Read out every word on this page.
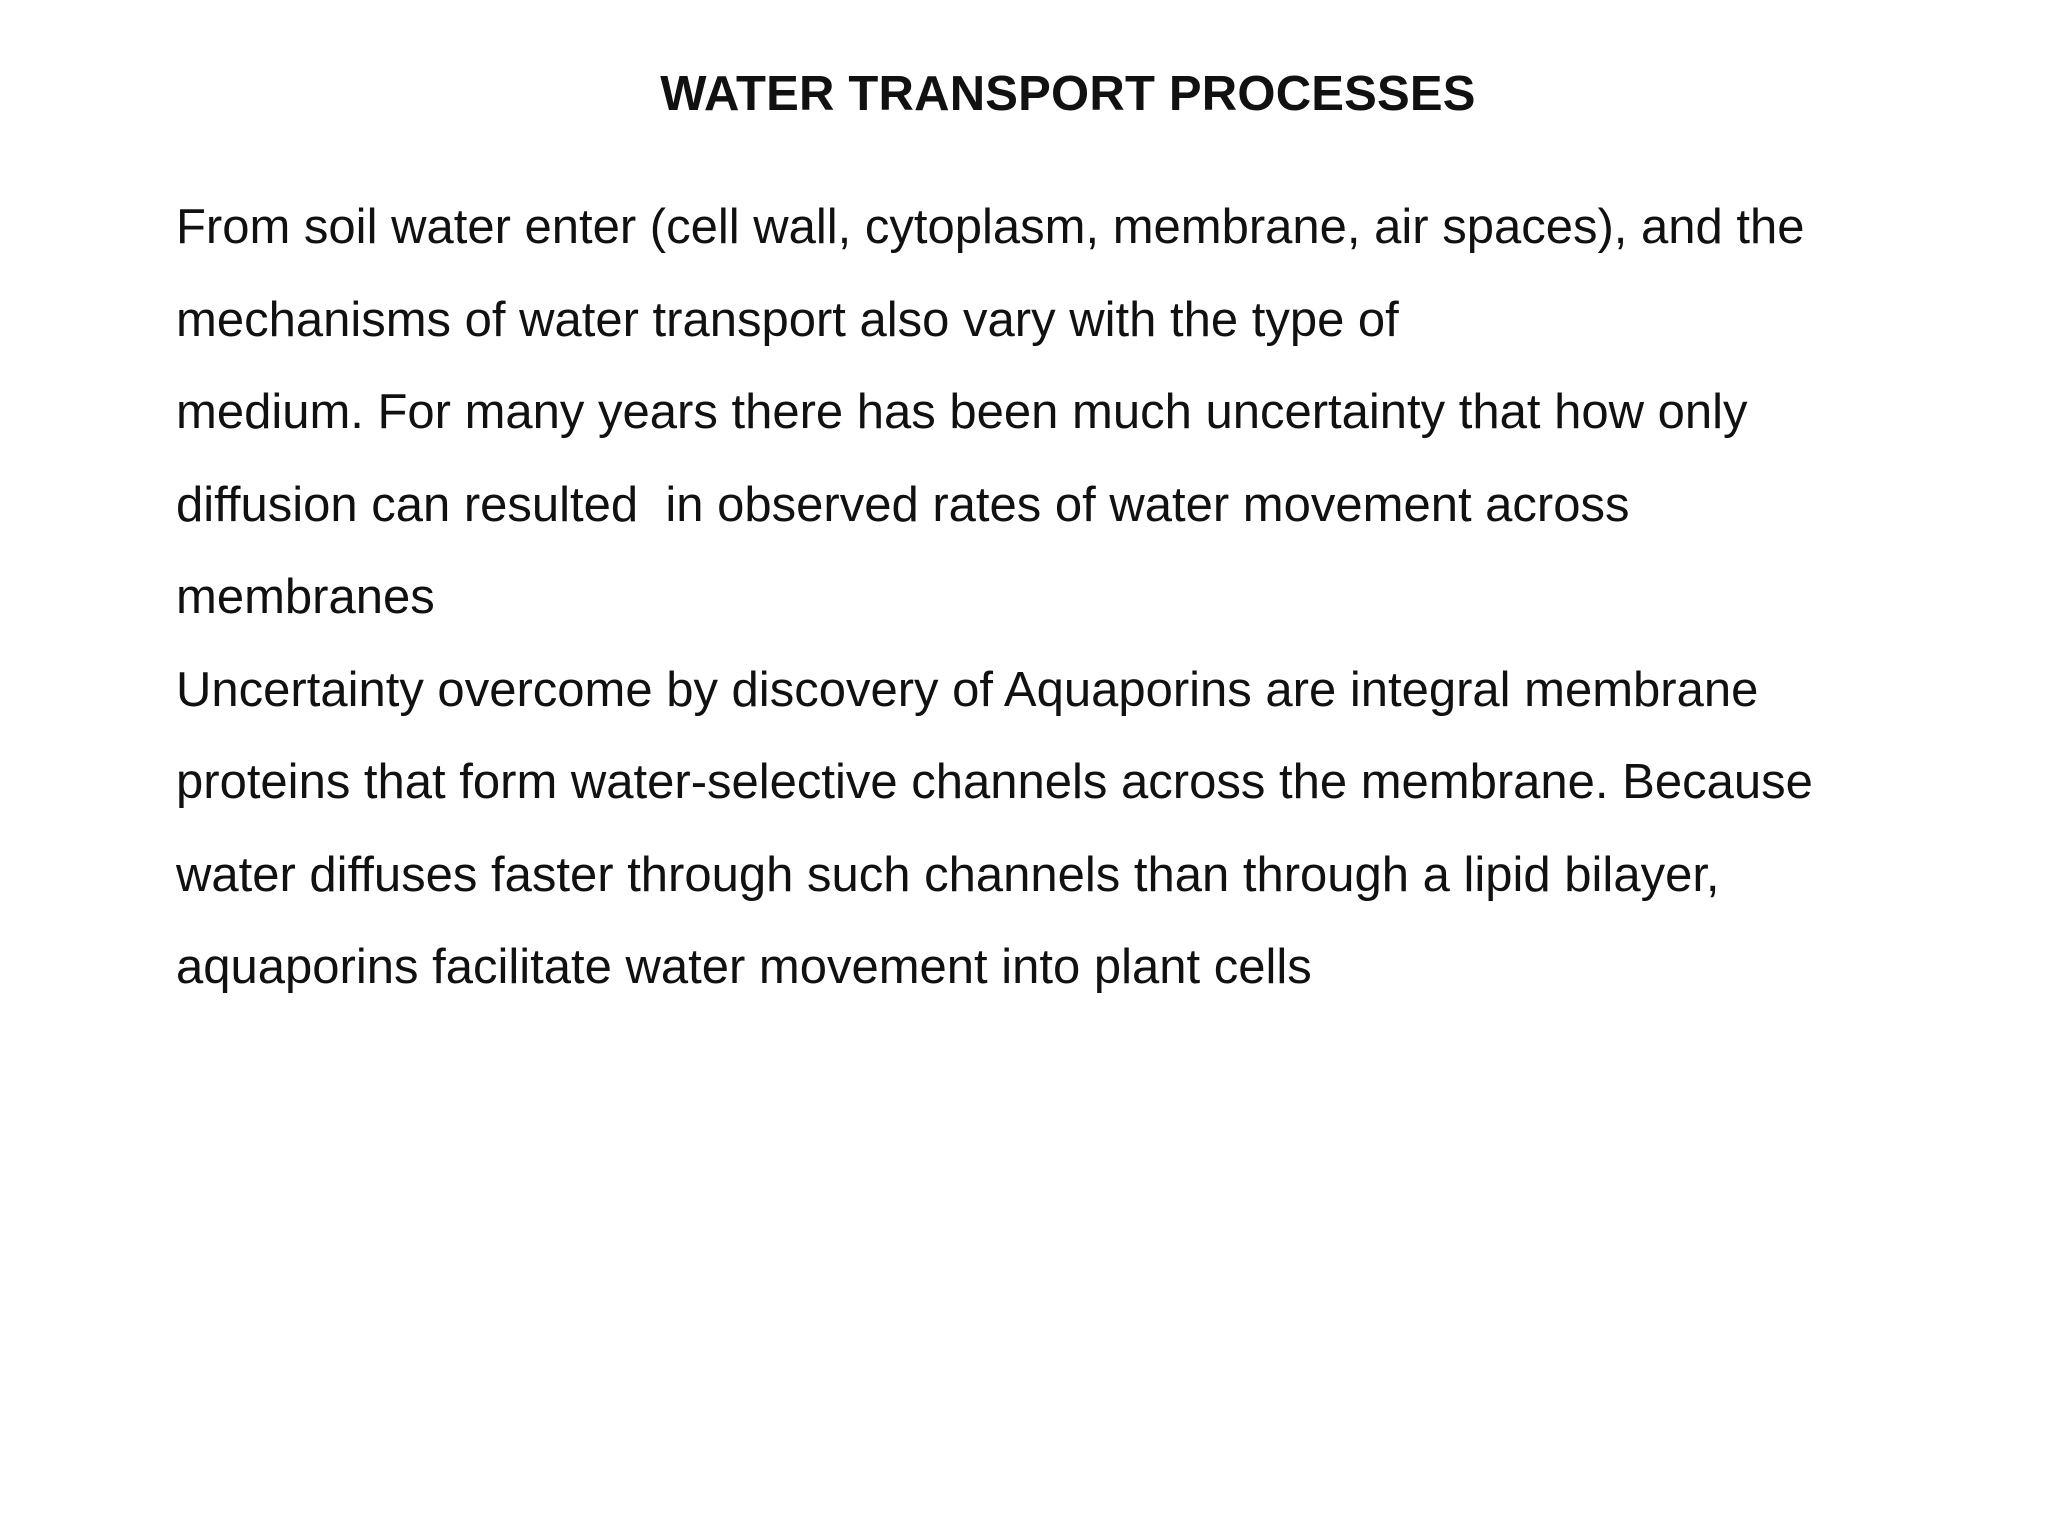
WATER TRANSPORT PROCESSES
From soil water enter (cell wall, cytoplasm, membrane, air spaces), and the
mechanisms of water transport also vary with the type of
medium. For many years there has been much uncertainty that how only
diffusion can resulted  in observed rates of water movement across
membranes
Uncertainty overcome by discovery of Aquaporins are integral membrane
proteins that form water-selective channels across the membrane. Because
water diffuses faster through such channels than through a lipid bilayer,
aquaporins facilitate water movement into plant cells
